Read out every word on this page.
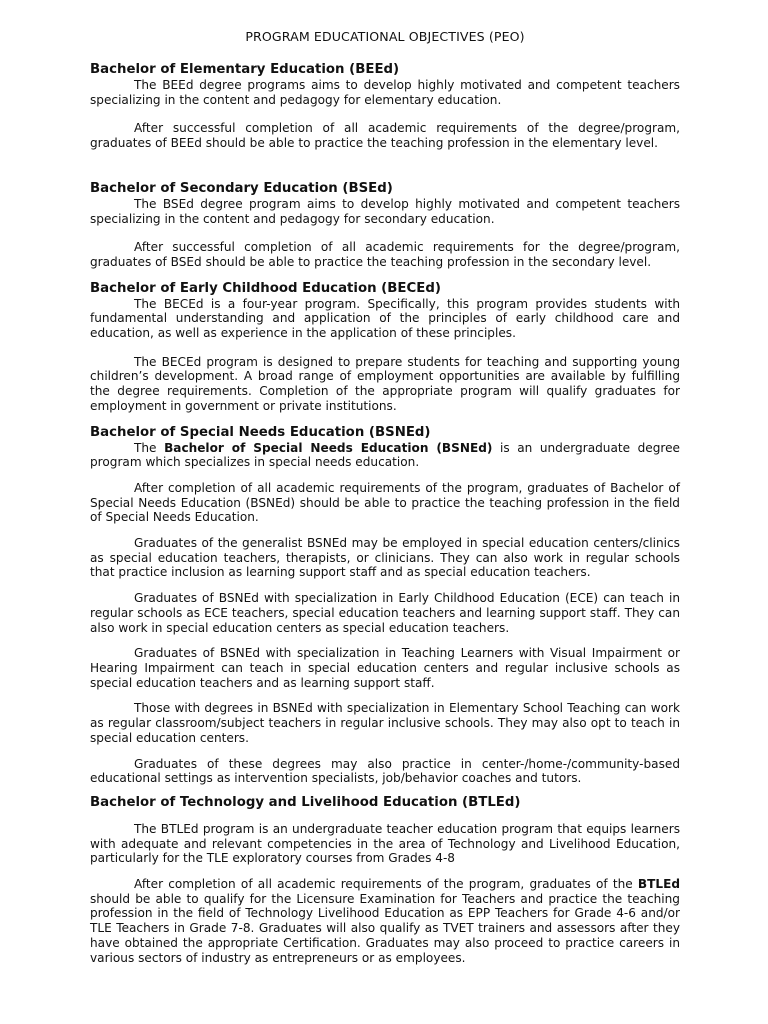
PROGRAM EDUCATIONAL OBJECTIVES (PEO)

Bachelor of Elementary Education (BEEd)

The BEEd degree programs aims to develop highly motivated and competent teachers specializing in the content and pedagogy for elementary education.

After successful completion of all academic requirements of the degree/program, graduates of BEEd should be able to practice the teaching profession in the elementary level.

Bachelor of Secondary Education (BSEd)

The BSEd degree program aims to develop highly motivated and competent teachers specializing in the content and pedagogy for secondary education.

After successful completion of all academic requirements for the degree/program, graduates of BSEd should be able to practice the teaching profession in the secondary level.

Bachelor of Early Childhood Education (BECEd)

The BECEd is a four-year program. Specifically, this program provides students with fundamental understanding and application of the principles of early childhood care and education, as well as experience in the application of these principles.

The BECEd program is designed to prepare students for teaching and supporting young children’s development. A broad range of employment opportunities are available by fulfilling the degree requirements. Completion of the appropriate program will qualify graduates for employment in government or private institutions.

Bachelor of Special Needs Education (BSNEd)

The Bachelor of Special Needs Education (BSNEd) is an undergraduate degree program which specializes in special needs education.

After completion of all academic requirements of the program, graduates of Bachelor of Special Needs Education (BSNEd) should be able to practice the teaching profession in the field of Special Needs Education.

Graduates of the generalist BSNEd may be employed in special education centers/clinics as special education teachers, therapists, or clinicians. They can also work in regular schools that practice inclusion as learning support staff and as special education teachers.

Graduates of BSNEd with specialization in Early Childhood Education (ECE) can teach in regular schools as ECE teachers, special education teachers and learning support staff. They can also work in special education centers as special education teachers.

Graduates of BSNEd with specialization in Teaching Learners with Visual Impairment or Hearing Impairment can teach in special education centers and regular inclusive schools as special education teachers and as learning support staff.

Those with degrees in BSNEd with specialization in Elementary School Teaching can work as regular classroom/subject teachers in regular inclusive schools. They may also opt to teach in special education centers.

Graduates of these degrees may also practice in center-/home-/community-based educational settings as intervention specialists, job/behavior coaches and tutors.

Bachelor of Technology and Livelihood Education (BTLEd)

The BTLEd program is an undergraduate teacher education program that equips learners with adequate and relevant competencies in the area of Technology and Livelihood Education, particularly for the TLE exploratory courses from Grades 4-8

After completion of all academic requirements of the program, graduates of the BTLEd should be able to qualify for the Licensure Examination for Teachers and practice the teaching profession in the field of Technology Livelihood Education as EPP Teachers for Grade 4-6 and/or TLE Teachers in Grade 7-8. Graduates will also qualify as TVET trainers and assessors after they have obtained the appropriate Certification. Graduates may also proceed to practice careers in various sectors of industry as entrepreneurs or as employees.
